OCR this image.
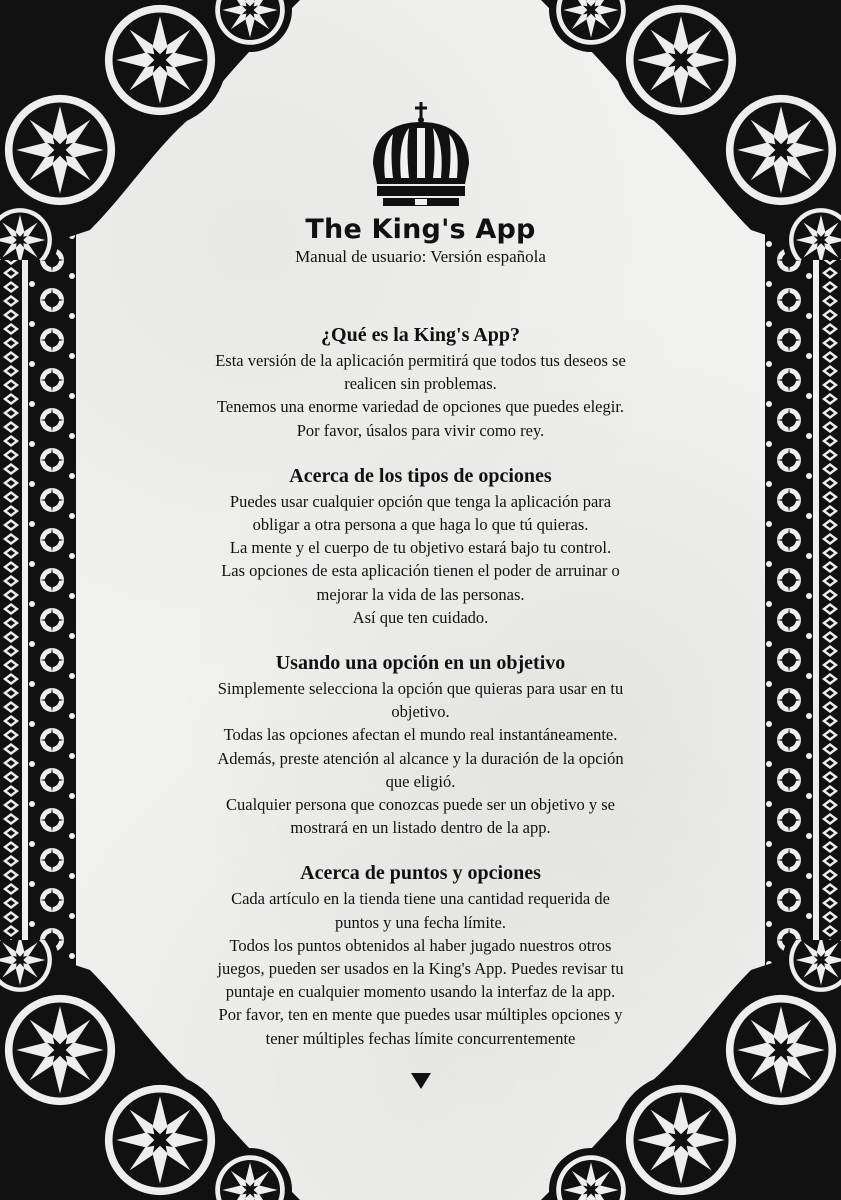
The King's App
Manual de usuario: Versión española
¿Qué es la King's App?

Esta versión de la aplicación permitirá que todos tus deseos se

realicen sin problemas.

Tenemos una enorme variedad de opciones que puedes elegir.

Por favor, úsalos para vivir como rey.

Acerca de los tipos de opciones

Puedes usar cualquier opción que tenga la aplicación para

obligar a otra persona a que haga lo que tú quieras.

La mente y el cuerpo de tu objetivo estará bajo tu control.

Las opciones de esta aplicación tienen el poder de arruinar o

mejorar la vida de las personas.

Así que ten cuidado.

Usando una opción en un objetivo

Simplemente selecciona la opción que quieras para usar en tu

objetivo.

Todas las opciones afectan el mundo real instantáneamente.

Además, preste atención al alcance y la duración de la opción

que eligió.

Cualquier persona que conozcas puede ser un objetivo y se

mostrará en un listado dentro de la app.

Acerca de puntos y opciones

Cada artículo en la tienda tiene una cantidad requerida de

puntos y una fecha límite.

Todos los puntos obtenidos al haber jugado nuestros otros

juegos, pueden ser usados en la King's App. Puedes revisar tu

puntaje en cualquier momento usando la interfaz de la app.

Por favor, ten en mente que puedes usar múltiples opciones y

tener múltiples fechas límite concurrentemente
